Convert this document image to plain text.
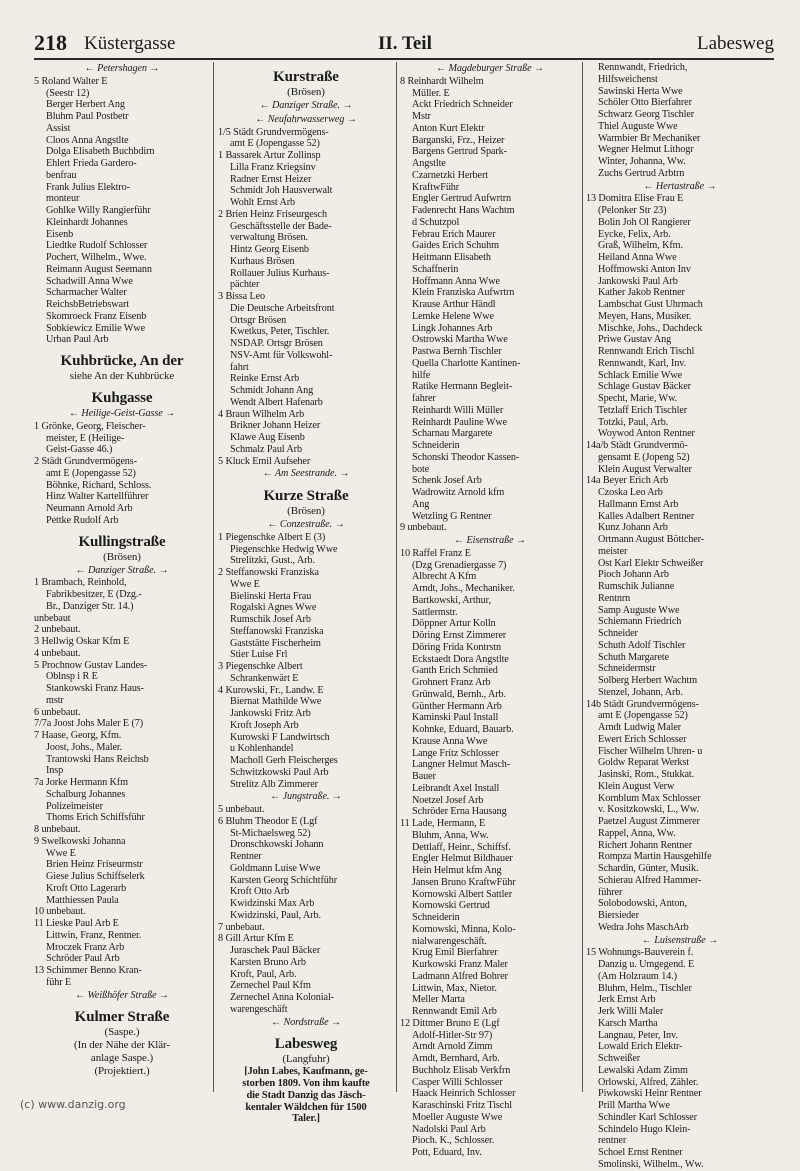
218 Küstergasse	II. Teil	Labesweg
← Petershagen →
5 Roland Walter E
(Seestr 12)
Berger Herbert Ang
Bluhm Paul Postbetr
Assist
Cloos Anna Angstlte
Dolga Elisabeth Buchbdirn
Ehlert Frieda Gardero-
benfrau
Frank Julius Elektro-
monteur
Gohlke Willy Rangierführ
Kleinhardt Johannes
Eisenb
Liedtke Rudolf Schlosser
Pochert, Wilhelm., Wwe.
Reimann August Seemann
Schadwill Anna Wwe
Scharmacher Walter
ReichsbBetriebswart
Skomroeck Franz Eisenb
Sobkiewicz Emilie Wwe
Urban Paul Arb
Kuhbrücke, An der
siehe An der Kuhbrücke
Kuhgasse
← Heilige-Geist-Gasse →
1 Grönke, Georg, Fleischer-
meister, E (Heilige-
Geist-Gasse 46.)
2 Städt Grundvermögens-
amt E (Jopengasse 52)
Böhnke, Richard, Schloss.
Hinz Walter Kartellführer
Neumann Arnold Arb
Pettke Rudolf Arb
Kullingstraße
(Brösen)
← Danziger Straße. →
1 Brambach, Reinhold,
Fabrikbesitzer, E (Dzg.-
Br., Danziger Str. 14.)
unbebaut
2 unbebaut.
3 Hellwig Oskar Kfm E
4 unbebaut.
5 Prochnow Gustav Landes-
Oblnsp i R E
Stankowski Franz Haus-
mstr
6 unbebaut.
7/7a Joost Johs Maler E (7)
7 Haase, Georg, Kfm.
Joost, Johs., Maler.
Trantowski Hans Reichsb
Insp
7a Jorke Hermann Kfm
Schalburg Johannes
Polizeimeister
Thoms Erich Schiffsführ
8 unbebaut.
9 Swelkowski Johanna
Wwe E
Brien Heinz Friseurmstr
Giese Julius Schiffselerk
Kroft Otto Lagerarb
Matthiessen Paula
10 unbebaut.
11 Lieske Paul Arb E
Littwin, Franz, Rentner.
Mroczek Franz Arb
Schröder Paul Arb
13 Schimmer Benno Kran-
führ E
← Weißhöfer Straße →
Kulmer Straße
(Saspe.)
(In der Nähe der Klär-
anlage Saspe.)
(Projektiert.)
Kurstraße
(Brösen)
← Danziger Straße. →
← Neufahrwasserweg →
1/5 Städt Grundvermögens-
amt E (Jopengasse 52)
1 Bassarek Artur Zollinsp
Lilla Franz Kriegsinv
Radner Ernst Heizer
Schmidt Joh Hausverwalt
Wohlt Ernst Arb
2 Brien Heinz Friseurgesch
Geschäftsstelle der Bade-
verwaltung Brösen.
Hintz Georg Eisenb
Kurhaus Brösen
Rollauer Julius Kurhaus-
pächter
3 Bissa Leo
Die Deutsche Arbeitsfront
Ortsgr Brösen
Kwetkus, Peter, Tischler.
NSDAP. Ortsgr Brösen
NSV-Amt für Volkswohl-
fahrt
Reinke Ernst Arb
Schmidt Johann Ang
Wendt Albert Hafenarb
4 Braun Wilhelm Arb
Brikner Johann Heizer
Klawe Aug Eisenb
Schmalz Paul Arb
5 Kluck Emil Aufseher
← Am Seestrande. →
Kurze Straße
(Brösen)
← Conzestraße. →
1 Piegenschke Albert E (3)
Piegenschke Hedwig Wwe
Strelitzki, Gust., Arb.
2 Steffanowski Franziska
Wwe E
Bielinski Herta Frau
Rogalski Agnes Wwe
Rumschik Josef Arb
Steffanowski Franziska
Gaststätte Fischerheim
Stier Luise Frl
3 Piegenschke Albert
Schrankenwärt E
4 Kurowski, Fr., Landw. E
Biernat Mathilde Wwe
Jankowski Fritz Arb
Kroft Joseph Arb
Kurowski F Landwirtsch
u Kohlenhandel
Macholl Gerh Fleischerges
Schwitzkowski Paul Arb
Strelitz Alb Zimmerer
← Jungstraße. →
5 unbebaut.
6 Bluhm Theodor E (Lgf
St-Michaelsweg 52)
Dronschkowski Johann
Rentner
Goldmann Luise Wwe
Karsten Georg Schichtführ
Kroft Otto Arb
Kwidzinski Max Arb
Kwidzinski, Paul, Arb.
7 unbebaut.
8 Gill Artur Kfm E
Juraschek Paul Bäcker
Karsten Bruno Arb
Kroft, Paul, Arb.
Zernechel Paul Kfm
Zernechel Anna Kolonial-
warengeschäft
← Nordstraße →
Labesweg
(Langfuhr)
[John Labes, Kaufmann, ge-
storben 1809. Von ihm kaufte
die Stadt Danzig das Jäsch-
kentaler Wäldchen für 1500
Taler.]
← Magdeburger Straße →
8 Reinhardt Wilhelm
Müller. E
Ackt Friedrich Schneider
Mstr
Anton Kurt Elektr
Barganski, Frz., Heizer
Bargens Gertrud Spark-
Angstlte
Czarnetzki Herbert
KraftwFühr
Engler Gertrud Aufwrtrn
Fadenrecht Hans Wachtm
d Schutzpol
Febrau Erich Maurer
Gaides Erich Schuhm
Heitmann Elisabeth
Schaffnerin
Hoffmann Anna Wwe
Klein Franziska Aufwrtrn
Krause Arthur Händl
Lemke Helene Wwe
Lingk Johannes Arb
Ostrowski Martha Wwe
Pastwa Bernh Tischler
Quella Charlotte Kantinen-
hilfe
Ratike Hermann Begleit-
fahrer
Reinhardt Willi Müller
Reinhardt Pauline Wwe
Scharnau Margarete
Schneiderin
Schonski Theodor Kassen-
bote
Schenk Josef Arb
Wadrowitz Arnold kfm
Ang
Wetzling G Rentner
9 unbebaut.
← Eisenstraße →
10 Raffel Franz E
(Dzg Grenadiergasse 7)
Albrecht A Kfm
Arndt, Johs., Mechaniker.
Bartkowski, Arthur,
Sattlermstr.
Döppner Artur Kolln
Döring Ernst Zimmerer
Döring Frida Kontrstn
Eckstaedt Dora Angstlte
Ganth Erich Schmied
Grohnert Franz Arb
Grünwald, Bernh., Arb.
Günther Hermann Arb
Kaminski Paul Install
Kohnke, Eduard, Bauarb.
Krause Anna Wwe
Lange Fritz Schlosser
Langner Helmut Masch-
Bauer
Leibrandt Axel Install
Noetzel Josef Arb
Schröder Erna Hausang
11 Lade, Hermann, E
Bluhm, Anna, Ww.
Dettlaff, Heinr., Schiffsf.
Engler Helmut Bildhauer
Hein Helmut kfm Ang
Jansen Bruno KraftwFühr
Kornowski Albert Sattler
Kornowski Gertrud
Schneiderin
Kornowski, Minna, Kolo-
nialwarengeschäft.
Krug Emil Bierfahrer
Kurkowski Franz Maler
Ladmann Alfred Bohrer
Littwin, Max, Nietor.
Meller Marta
Rennwandt Emil Arb
12 Dittmer Bruno E (Lgf
Adolf-Hitler-Str 97)
Arndt Arnold Zimm
Arndt, Bernhard, Arb.
Buchholz Elisab Verkfrn
Casper Willi Schlosser
Haack Heinrich Schlosser
Karaschinski Fritz Tischl
Moeller Auguste Wwe
Nadolski Paul Arb
Pioch. K., Schlosser.
Pott, Eduard, Inv.
Rennwandt, Friedrich,
Hilfsweichenst
Sawinski Herta Wwe
Schöler Otto Bierfahrer
Schwarz Georg Tischler
Thiel Auguste Wwe
Warmbier Br Mechaniker
Wegner Helmut Lithogr
Winter, Johanna, Ww.
Zuchs Gertrud Arbtrn
← Hertastraße →
13 Domitra Elise Frau E
(Pelonker Str 23)
Bolin Joh Ol Rangierer
Eycke, Felix, Arb.
Graß, Wilhelm, Kfm.
Heiland Anna Wwe
Hoffmowski Anton Inv
Jankowski Paul Arb
Kather Jakob Rentner
Lambschat Gust Uhrmach
Meyen, Hans, Musiker.
Mischke, Johs., Dachdeck
Priwe Gustav Ang
Rennwandt Erich Tischl
Rennwandt, Karl, Inv.
Schlack Emilie Wwe
Schlage Gustav Bäcker
Specht, Marie, Ww.
Tetzlaff Erich Tischler
Totzki, Paul, Arb.
Woywod Anton Rentner
14a/b Städt Grundvermö-
gensamt E (Jopeng 52)
Klein August Verwalter
14a Beyer Erich Arb
Czoska Leo Arb
Hallmann Ernst Arb
Kalles Adalbert Rentner
Kunz Johann Arb
Ortmann August Böttcher-
meister
Ost Karl Elektr Schweißer
Pioch Johann Arb
Rumschik Julianne
Rentnrn
Samp Auguste Wwe
Schiemann Friedrich
Schneider
Schuth Adolf Tischler
Schuth Margarete
Schneidermstr
Solberg Herbert Wachtm
Stenzel, Johann, Arb.
14b Städt Grundvermögens-
amt E (Jopengasse 52)
Arndt Ludwig Maler
Ewert Erich Schlosser
Fischer Wilhelm Uhren- u
Goldw Reparat Werkst
Jasinski, Rom., Stukkat.
Klein August Verw
Kornblum Max Schlosser
v. Kositzkowski, L., Ww.
Paetzel August Zimmerer
Rappel, Anna, Ww.
Richert Johann Rentner
Rompza Martin Hausgehilfe
Schardin, Günter, Musik.
Schierau Alfred Hammer-
führer
Solobodowski, Anton,
Biersieder
Wedra Johs MaschArb
← Luisenstraße →
15 Wohnungs-Bauverein f.
Danzig u. Umgegend. E
(Am Holzraum 14.)
Bluhm, Helm., Tischler
Jerk Ernst Arb
Jerk Willi Maler
Karsch Martha
Langnau, Peter, Inv.
Lowald Erich Elektr-
Schweißer
Lewalski Adam Zimm
Orlowski, Alfred, Zähler.
Piwkowski Heinr Rentner
Prill Martha Wwe
Schindler Karl Schlosser
Schindelo Hugo Klein-
rentner
Schoel Ernst Rentner
Smolinski, Wilhelm., Ww.
(c) www.danzig.org
